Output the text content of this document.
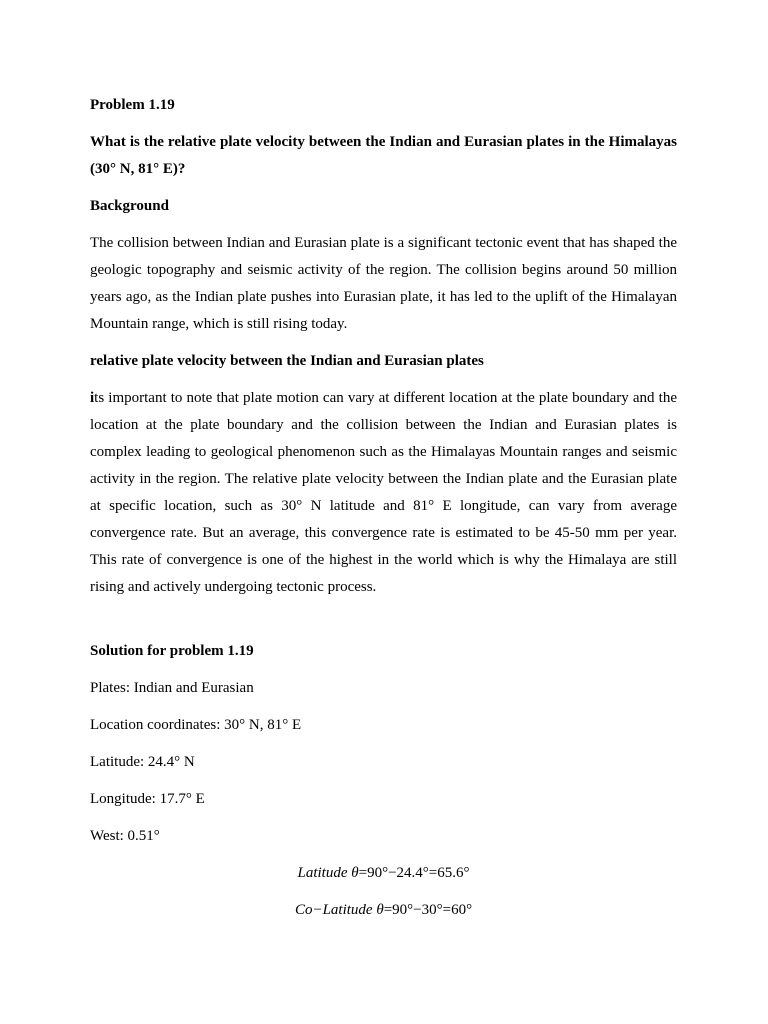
Problem 1.19

What is the relative plate velocity between the Indian and Eurasian plates in the Himalayas (30° N, 81° E)?

Background

The collision between Indian and Eurasian plate is a significant tectonic event that has shaped the geologic topography and seismic activity of the region. The collision begins around 50 million years ago, as the Indian plate pushes into Eurasian plate, it has led to the uplift of the Himalayan Mountain range, which is still rising today.

relative plate velocity between the Indian and Eurasian plates

its important to note that plate motion can vary at different location at the plate boundary and the location at the plate boundary and the collision between the Indian and Eurasian plates is complex leading to geological phenomenon such as the Himalayas Mountain ranges and seismic activity in the region. The relative plate velocity between the Indian plate and the Eurasian plate at specific location, such as 30° N latitude and 81° E longitude, can vary from average convergence rate. But an average, this convergence rate is estimated to be 45-50 mm per year. This rate of convergence is one of the highest in the world which is why the Himalaya are still rising and actively undergoing tectonic process.

Solution for problem 1.19

Plates: Indian and Eurasian

Location coordinates: 30° N, 81° E

Latitude: 24.4° N

Longitude: 17.7° E

West: 0.51°

Latitude θ=90°−24.4°=65.6°
Co−Latitude θ=90°−30°=60°
